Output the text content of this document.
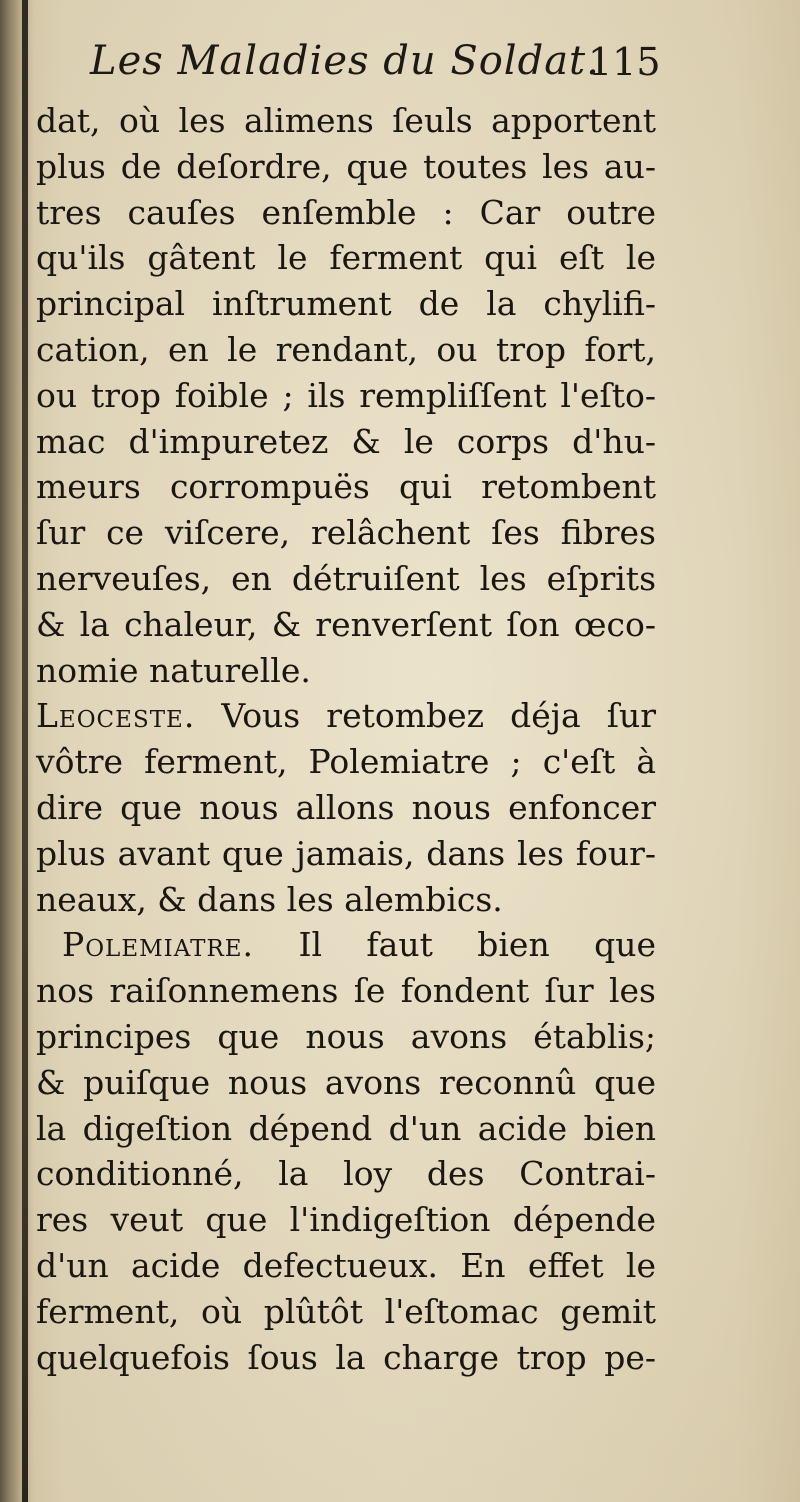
Les Maladies du Soldat.
115
dat, où les alimens ſeuls apportent
plus de deſordre, que toutes les au-
tres cauſes enſemble : Car outre
qu'ils gâtent le ferment qui eſt le
principal inſtrument de la chylifi-
cation, en le rendant, ou trop fort,
ou trop foible ; ils rempliſſent l'eſto-
mac d'impuretez & le corps d'hu-
meurs corrompuës qui retombent
ſur ce viſcere, relâchent ſes fibres
nerveuſes, en détruiſent les eſprits
& la chaleur, & renverſent ſon œco-
nomie naturelle.
Leoceste. Vous retombez déja ſur
vôtre ferment, Polemiatre ; c'eſt à
dire que nous allons nous enfoncer
plus avant que jamais, dans les four-
neaux, & dans les alembics.
Polemiatre. Il faut bien que
nos raiſonnemens ſe fondent ſur les
principes que nous avons établis;
& puiſque nous avons reconnû que
la digeſtion dépend d'un acide bien
conditionné, la loy des Contrai-
res veut que l'indigeſtion dépende
d'un acide defectueux. En effet le
ferment, où plûtôt l'eſtomac gemit
quelquefois ſous la charge trop pe-
